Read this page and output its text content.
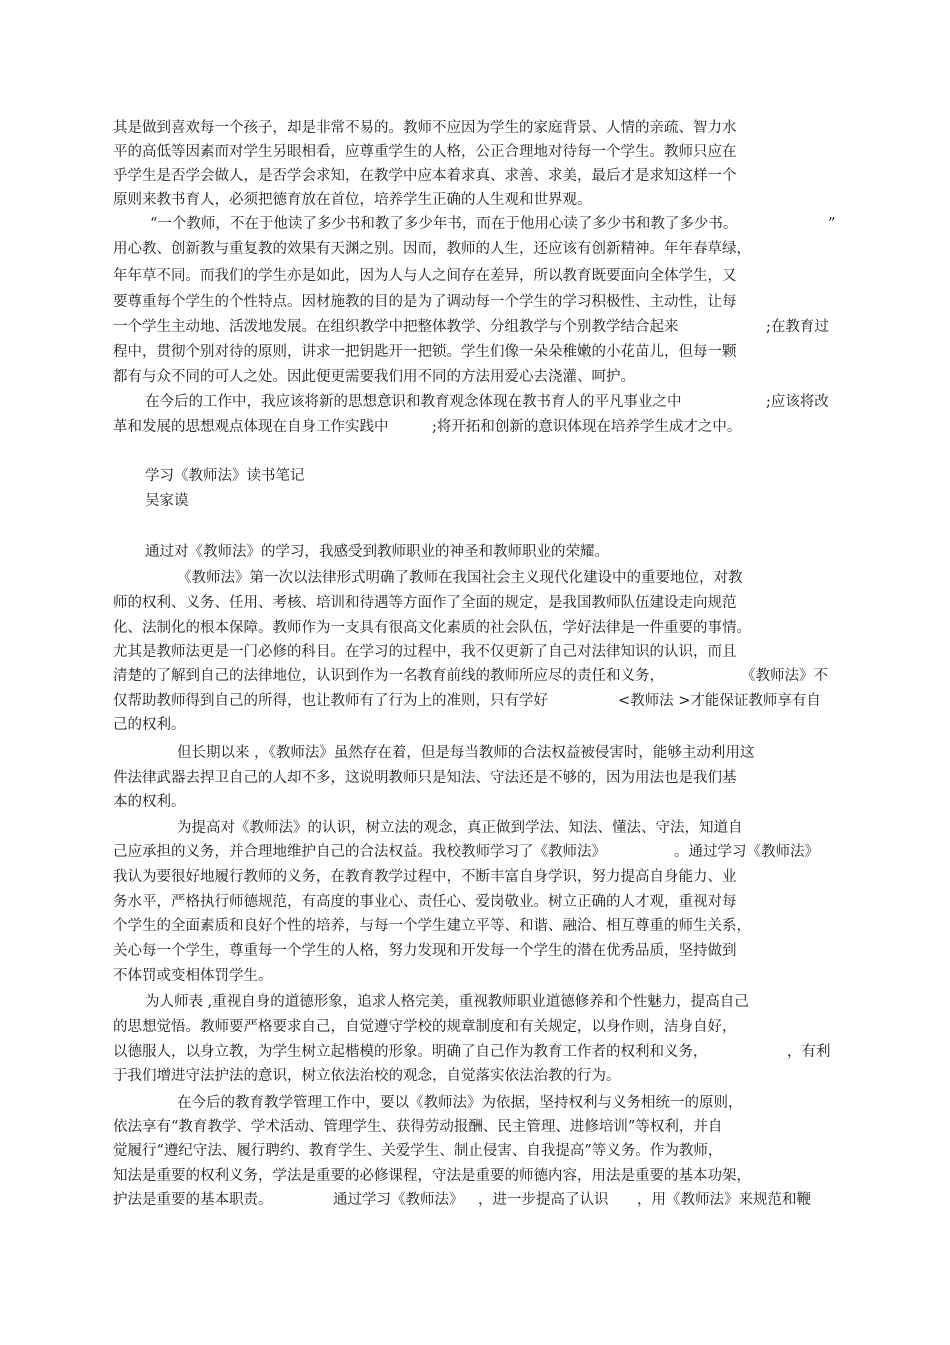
其是做到喜欢每一个孩子，却是非常不易的。教师不应因为学生的家庭背景、人情的亲疏、智力水
平的高低等因素而对学生另眼相看，应尊重学生的人格，公正合理地对待每一个学生。教师只应在
乎学生是否学会做人，是否学会求知，在教学中应本着求真、求善、求美，最后才是求知这样一个
原则来教书育人，必须把德育放在首位，培养学生正确的人生观和世界观。
“一个教师，不在于他读了多少书和教了多少年书，而在于他用心读了多少书和教了多少书。	”
用心教、创新教与重复教的效果有天渊之别。因而，教师的人生，还应该有创新精神。年年春草绿，
年年草不同。而我们的学生亦是如此，因为人与人之间存在差异，所以教育既要面向全体学生，又
要尊重每个学生的个性特点。因材施教的目的是为了调动每一个学生的学习积极性、主动性，让每
一个学生主动地、活泼地发展。在组织教学中把整体教学、分组教学与个别教学结合起来	;在教育过
程中，贯彻个别对待的原则，讲求一把钥匙开一把锁。学生们像一朵朵稚嫩的小花苗儿，但每一颗
都有与众不同的可人之处。因此便更需要我们用不同的方法用爱心去浇灌、呵护。
在今后的工作中，我应该将新的思想意识和教育观念体现在教书育人的平凡事业之中	;应该将改
革和发展的思想观点体现在自身工作实践中	;将开拓和创新的意识体现在培养学生成才之中。
学习《教师法》读书笔记
吴家谟
通过对《教师法》的学习，我感受到教师职业的神圣和教师职业的荣耀。
《教师法》第一次以法律形式明确了教师在我国社会主义现代化建设中的重要地位，对教
师的权利、义务、任用、考核、培训和待遇等方面作了全面的规定，是我国教师队伍建设走向规范
化、法制化的根本保障。教师作为一支具有很高文化素质的社会队伍，学好法律是一件重要的事情。
尤其是教师法更是一门必修的科目。在学习的过程中，我不仅更新了自己对法律知识的认识，而且
清楚的了解到自己的法律地位，认识到作为一名教育前线的教师所应尽的责任和义务，	《教师法》不
仅帮助教师得到自己的所得，也让教师有了行为上的准则，只有学好	<教师法 >才能保证教师享有自
己的权利。
但长期以来 ，《教师法》虽然存在着，但是每当教师的合法权益被侵害时，能够主动利用这
件法律武器去捍卫自己的人却不多，这说明教师只是知法、守法还是不够的，因为用法也是我们基
本的权利。
为提高对《教师法》的认识，树立法的观念，真正做到学法、知法、懂法、守法，知道自
己应承担的义务，并合理地维护自己的合法权益。我校教师学习了《教师法》	。通过学习《教师法》
我认为要很好地履行教师的义务，在教育教学过程中，不断丰富自身学识，努力提高自身能力、业
务水平，严格执行师德规范，有高度的事业心、责任心、爱岗敬业。树立正确的人才观，重视对每
个学生的全面素质和良好个性的培养，与每一个学生建立平等、和谐、融洽、相互尊重的师生关系，
关心每一个学生，尊重每一个学生的人格，努力发现和开发每一个学生的潜在优秀品质，坚持做到
不体罚或变相体罚学生。
为人师表 ,重视自身的道德形象，追求人格完美，重视教师职业道德修养和个性魅力，提高自己
的思想觉悟。教师要严格要求自己，自觉遵守学校的规章制度和有关规定，以身作则，洁身自好，
以德服人，以身立教，为学生树立起楷模的形象。明确了自己作为教育工作者的权利和义务，	，有利
于我们增进守法护法的意识，树立依法治校的观念，自觉落实依法治教的行为。
在今后的教育教学管理工作中，要以《教师法》为依据，坚持权利与义务相统一的原则，
依法享有“教育教学、学术活动、管理学生、获得劳动报酬、民主管理、进修培训”等权利，并自
觉履行“遵纪守法、履行聘约、教育学生、关爱学生、制止侵害、自我提高”等义务。作为教师，
知法是重要的权利义务，学法是重要的必修课程，守法是重要的师德内容，用法是重要的基本功架，
护法是重要的基本职责。	通过学习《教师法》 ，进一步提高了认识 ，用《教师法》来规范和鞭
